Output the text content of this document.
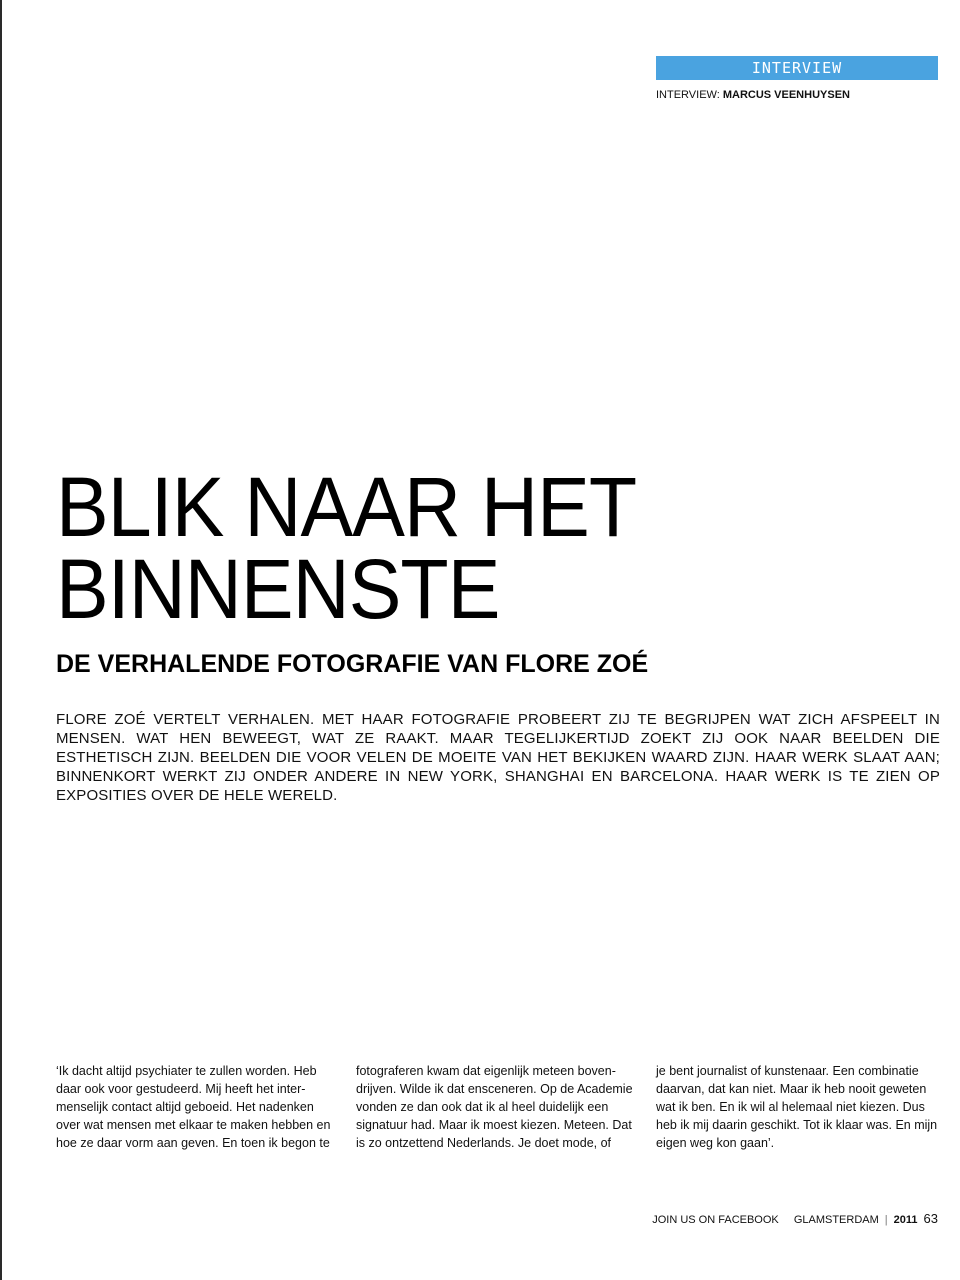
INTERVIEW
INTERVIEW: MARCUS VEENHUYSEN
BLIK NAAR HET
BINNENSTE
DE VERHALENDE FOTOGRAFIE VAN FLORE ZOÉ

FLORE ZOÉ VERTELT VERHALEN. MET HAAR FOTOGRAFIE PROBEERT ZIJ TE BEGRIJPEN WAT ZICH AFSPEELT IN MENSEN. WAT HEN BEWEEGT, WAT ZE RAAKT. MAAR TEGELIJKERTIJD ZOEKT ZIJ OOK NAAR BEELDEN DIE ESTHETISCH ZIJN. BEELDEN DIE VOOR VELEN DE MOEITE VAN HET BEKIJKEN WAARD ZIJN. HAAR WERK SLAAT AAN; BINNENKORT WERKT ZIJ ONDER ANDERE IN NEW YORK, SHANGHAI EN BARCELONA. HAAR WERK IS TE ZIEN OP EXPOSITIES OVER DE HELE WERELD.

‘Ik dacht altijd psychiater te zullen worden. Heb daar ook voor gestudeerd. Mij heeft het inter-menselijk contact altijd geboeid. Het nadenken over wat mensen met elkaar te maken hebben en hoe ze daar vorm aan geven. En toen ik begon te

fotograferen kwam dat eigenlijk meteen boven-drijven. Wilde ik dat ensceneren. Op de Academie vonden ze dan ook dat ik al heel duidelijk een signatuur had. Maar ik moest kiezen. Meteen. Dat is zo ontzettend Nederlands. Je doet mode, of

je bent journalist of kunstenaar. Een combinatie daarvan, dat kan niet. Maar ik heb nooit geweten wat ik ben. En ik wil al helemaal niet kiezen. Dus heb ik mij daarin geschikt. Tot ik klaar was. En mijn eigen weg kon gaan’.

JOIN US ON FACEBOOK
GLAMSTERDAM | 2011 63
